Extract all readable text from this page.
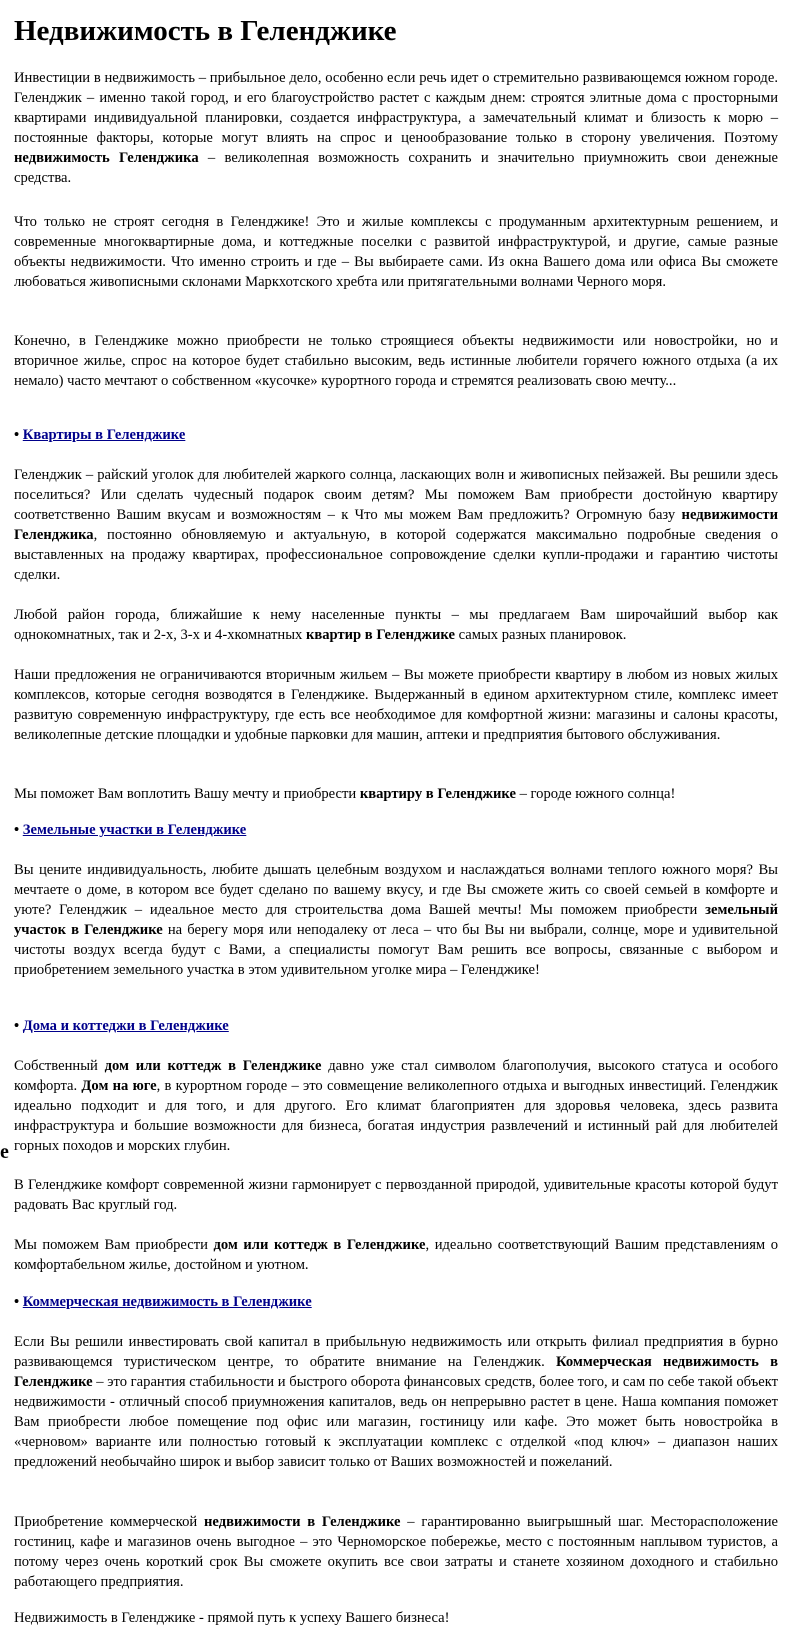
Недвижимость в Геленджике
Инвестиции в недвижимость – прибыльное дело, особенно если речь идет о стремительно развивающемся южном городе. Геленджик – именно такой город, и его благоустройство растет с каждым днем: строятся элитные дома с просторными квартирами индивидуальной планировки, создается инфраструктура, а замечательный климат и близость к морю – постоянные факторы, которые могут влиять на спрос и ценообразование только в сторону увеличения. Поэтому недвижимость Геленджика – великолепная возможность сохранить и значительно приумножить свои денежные средства.
Что только не строят сегодня в Геленджике! Это и жилые комплексы с продуманным архитектурным решением, и современные многоквартирные дома, и коттеджные поселки с развитой инфраструктурой, и другие, самые разные объекты недвижимости. Что именно строить и где – Вы выбираете сами. Из окна Вашего дома или офиса Вы сможете любоваться живописными склонами Маркхотского хребта или притягательными волнами Черного моря.
Конечно, в Геленджике можно приобрести не только строящиеся объекты недвижимости или новостройки, но и вторичное жилье, спрос на которое будет стабильно высоким, ведь истинные любители горячего южного отдыха (а их немало) часто мечтают о собственном «кусочке» курортного города и стремятся реализовать свою мечту...
• Квартиры в Геленджике
Геленджик – райский уголок для любителей жаркого солнца, ласкающих волн и живописных пейзажей. Вы решили здесь поселиться? Или сделать чудесный подарок своим детям? Мы поможем Вам приобрести достойную квартиру соответственно Вашим вкусам и возможностям – к Что мы можем Вам предложить? Огромную базу недвижимости Геленджика, постоянно обновляемую и актуальную, в которой содержатся максимально подробные сведения о выставленных на продажу квартирах, профессиональное сопровождение сделки купли-продажи и гарантию чистоты сделки.
Любой район города, ближайшие к нему населенные пункты – мы предлагаем Вам широчайший выбор как однокомнатных, так и 2-х, 3-х и 4-хкомнатных квартир в Геленджике самых разных планировок.
Наши предложения не ограничиваются вторичным жильем – Вы можете приобрести квартиру в любом из новых жилых комплексов, которые сегодня возводятся в Геленджике. Выдержанный в едином архитектурном стиле, комплекс имеет развитую современную инфраструктуру, где есть все необходимое для комфортной жизни: магазины и салоны красоты, великолепные детские площадки и удобные парковки для машин, аптеки и предприятия бытового обслуживания.
Мы поможет Вам воплотить Вашу мечту и приобрести квартиру в Геленджике – городе южного солнца!
• Земельные участки в Геленджике
Вы цените индивидуальность, любите дышать целебным воздухом и наслаждаться волнами теплого южного моря? Вы мечтаете о доме, в котором все будет сделано по вашему вкусу, и где Вы сможете жить со своей семьей в комфорте и уюте? Геленджик – идеальное место для строительства дома Вашей мечты! Мы поможем приобрести земельный участок в Геленджике на берегу моря или неподалеку от леса – что бы Вы ни выбрали, солнце, море и удивительной чистоты воздух всегда будут с Вами, а специалисты помогут Вам решить все вопросы, связанные с выбором и приобретением земельного участка в этом удивительном уголке мира – Геленджике!
• Дома и коттеджи в Геленджике
Собственный дом или коттедж в Геленджике давно уже стал символом благополучия, высокого статуса и особого комфорта. Дом на юге, в курортном городе – это совмещение великолепного отдыха и выгодных инвестиций. Геленджик идеально подходит и для того, и для другого. Его климат благоприятен для здоровья человека, здесь развита инфраструктура и большие возможности для бизнеса, богатая индустрия развлечений и истинный рай для любителей горных походов и морских глубин.
В Геленджике комфорт современной жизни гармонирует с первозданной природой, удивительные красоты которой будут радовать Вас круглый год.
Мы поможем Вам приобрести дом или коттедж в Геленджике, идеально соответствующий Вашим представлениям о комфортабельном жилье, достойном и уютном.
• Коммерческая недвижимость в Геленджике
Если Вы решили инвестировать свой капитал в прибыльную недвижимость или открыть филиал предприятия в бурно развивающемся туристическом центре, то обратите внимание на Геленджик. Коммерческая недвижимость в Геленджике – это гарантия стабильности и быстрого оборота финансовых средств, более того, и сам по себе такой объект недвижимости - отличный способ приумножения капиталов, ведь он непрерывно растет в цене. Наша компания поможет Вам приобрести любое помещение под офис или магазин, гостиницу или кафе. Это может быть новостройка в «черновом» варианте или полностью готовый к эксплуатации комплекс с отделкой «под ключ» – диапазон наших предложений необычайно широк и выбор зависит только от Ваших возможностей и пожеланий.
Приобретение коммерческой недвижимости в Геленджике – гарантированно выигрышный шаг. Месторасположение гостиниц, кафе и магазинов очень выгодное – это Черноморское побережье, место с постоянным наплывом туристов, а потому через очень короткий срок Вы сможете окупить все свои затраты и станете хозяином доходного и стабильно работающего предприятия.
Недвижимость в Геленджике - прямой путь к успеху Вашего бизнеса!
е
